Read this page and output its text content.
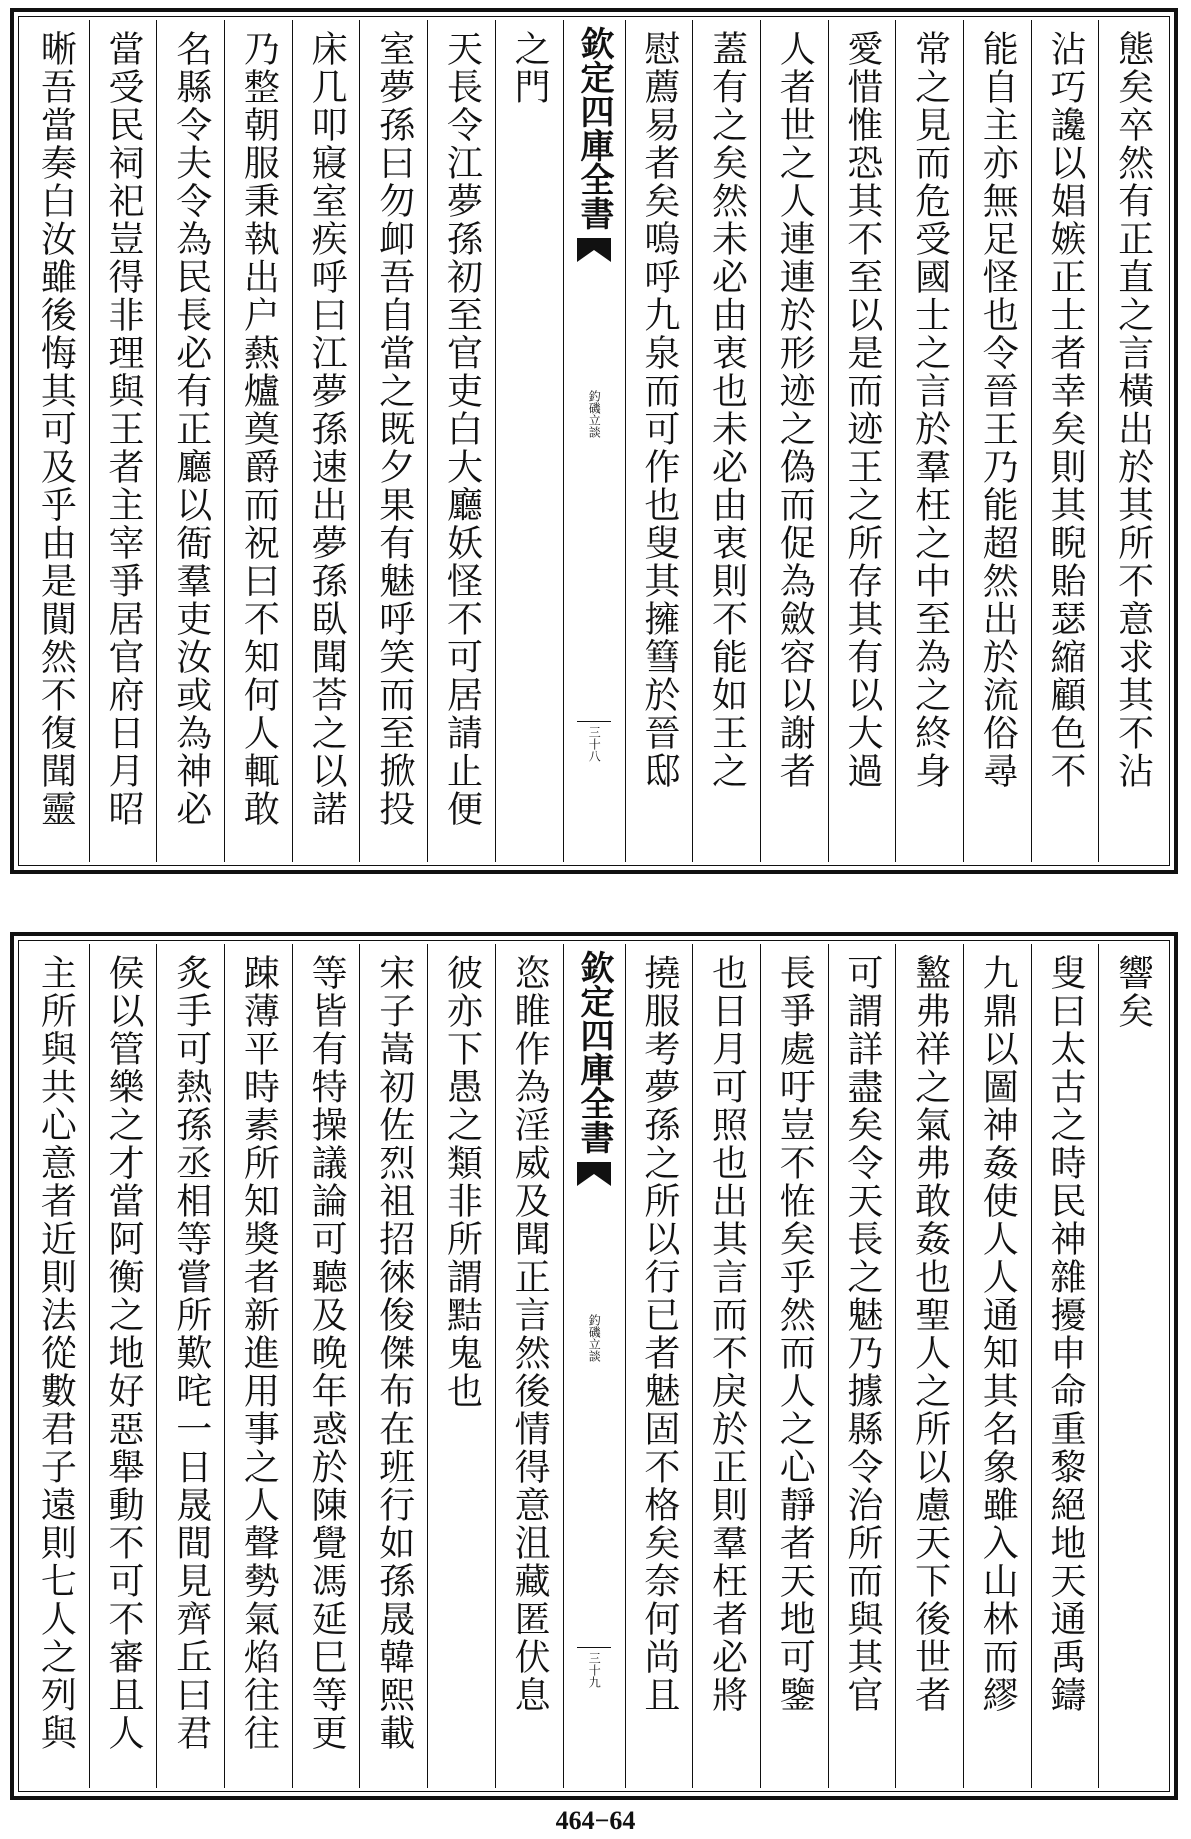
態矣卒然有正直之言橫出於其所不意求其不沾
沾巧讒以娼嫉正士者幸矣則其睨貽瑟縮顧色不
能自主亦無足怪也令晉王乃能超然出於流俗尋
常之見而危受國士之言於羣枉之中至為之終身
愛惜惟恐其不至以是而迹王之所存其有以大過
人者世之人連連於形迹之偽而促為斂容以謝者
蓋有之矣然未必由衷也未必由衷則不能如王之
慰薦易者矣嗚呼九泉而可作也叟其擁篲於晉邸
欽定四庫全書
釣磯立談
三十八
之門
天長令江夢孫初至官吏白大廳妖怪不可居請止便
室夢孫曰勿卹吾自當之既夕果有魅呼笑而至掀投
床几叩寢室疾呼曰江夢孫速出夢孫臥聞荅之以諾
乃整朝服秉執出户爇爐奠爵而祝曰不知何人輒敢
名縣令夫令為民長必有正廳以衙羣吏汝或為神必
當受民祠祀豈得非理與王者主宰爭居官府日月昭
晰吾當奏白汝雖後悔其可及乎由是閴然不復聞靈
響矣
叟曰太古之時民神雜擾申命重黎絕地天通禹鑄
九鼎以圖神姦使人人通知其名象雖入山林而繆
盭弗祥之氣弗敢姦也聖人之所以慮天下後世者
可謂詳盡矣令天長之魅乃據縣令治所而與其官
長爭處吁豈不恠矣乎然而人之心靜者天地可鑒
也日月可照也出其言而不戾於正則羣枉者必將
撓服考夢孫之所以行已者魅固不格矣奈何尚且
欽定四庫全書
釣磯立談
三十九
恣睢作為淫威及聞正言然後情得意沮藏匿伏息
彼亦下愚之類非所謂黠鬼也
宋子嵩初佐烈祖招徠俊傑布在班行如孫晟韓熙載
等皆有特操議論可聽及晚年惑於陳覺馮延巳等更
踈薄平時素所知奬者新進用事之人聲勢氣焰往往
炙手可熱孫丞相等嘗所歎咤一日晟間見齊丘曰君
侯以管樂之才當阿衡之地好惡舉動不可不審且人
主所與共心意者近則法從數君子遠則七人之列與
464−64
